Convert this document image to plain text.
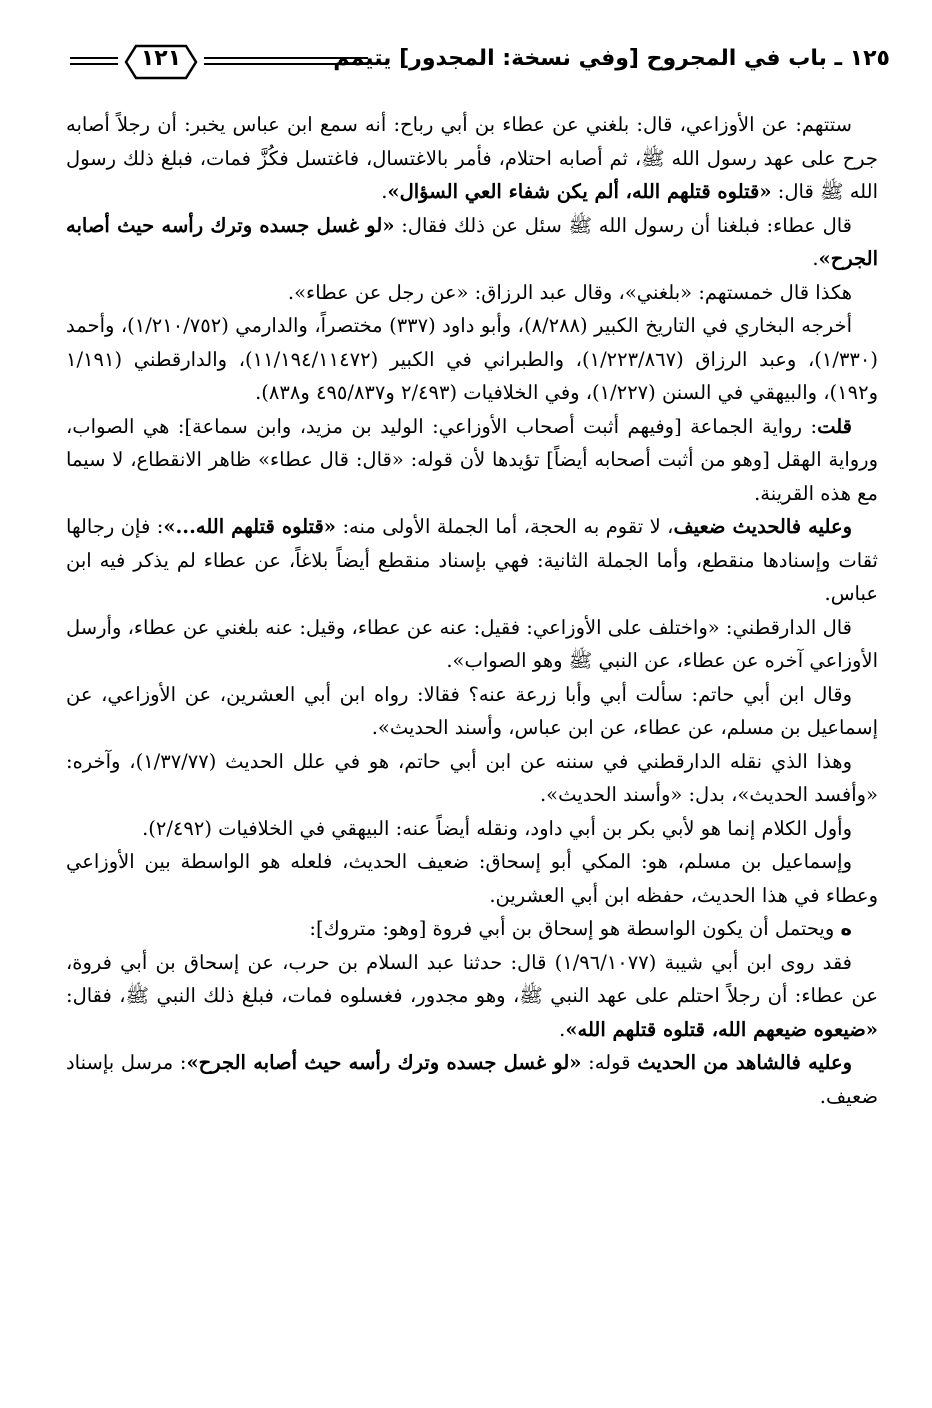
١٢٥ ـ باب في المجروح [وفي نسخة: المجدور] يتيمم
١٢١

ستتهم: عن الأوزاعي، قال: بلغني عن عطاء بن أبي رباح: أنه سمع ابن عباس يخبر: أن رجلاً أصابه جرح على عهد رسول الله ﷺ، ثم أصابه احتلام، فأمر بالاغتسال، فاغتسل فكُزَّ فمات، فبلغ ذلك رسول الله ﷺ قال: «قتلوه قتلهم الله، ألم يكن شفاء العي السؤال».

قال عطاء: فبلغنا أن رسول الله ﷺ سئل عن ذلك فقال: «لو غسل جسده وترك رأسه حيث أصابه الجرح».

هكذا قال خمستهم: «بلغني»، وقال عبد الرزاق: «عن رجل عن عطاء».

أخرجه البخاري في التاريخ الكبير (٨/٢٨٨)، وأبو داود (٣٣٧) مختصراً، والدارمي (١/٢١٠/٧٥٢)، وأحمد (١/٣٣٠)، وعبد الرزاق (١/٢٢٣/٨٦٧)، والطبراني في الكبير (١١/١٩٤/١١٤٧٢)، والدارقطني (١/١٩١ و١٩٢)، والبيهقي في السنن (١/٢٢٧)، وفي الخلافيات (٢/٤٩٣ و٤٩٥/٨٣٧ و٨٣٨).

قلت: رواية الجماعة [وفيهم أثبت أصحاب الأوزاعي: الوليد بن مزيد، وابن سماعة]: هي الصواب، ورواية الهقل [وهو من أثبت أصحابه أيضاً] تؤيدها لأن قوله: «قال: قال عطاء» ظاهر الانقطاع، لا سيما مع هذه القرينة.

وعليه فالحديث ضعيف، لا تقوم به الحجة، أما الجملة الأولى منه: «قتلوه قتلهم الله...»: فإن رجالها ثقات وإسنادها منقطع، وأما الجملة الثانية: فهي بإسناد منقطع أيضاً بلاغاً، عن عطاء لم يذكر فيه ابن عباس.

قال الدارقطني: «واختلف على الأوزاعي: فقيل: عنه عن عطاء، وقيل: عنه بلغني عن عطاء، وأرسل الأوزاعي آخره عن عطاء، عن النبي ﷺ وهو الصواب».

وقال ابن أبي حاتم: سألت أبي وأبا زرعة عنه؟ فقالا: رواه ابن أبي العشرين، عن الأوزاعي، عن إسماعيل بن مسلم، عن عطاء، عن ابن عباس، وأسند الحديث».

وهذا الذي نقله الدارقطني في سننه عن ابن أبي حاتم، هو في علل الحديث (١/٣٧/٧٧)، وآخره: «وأفسد الحديث»، بدل: «وأسند الحديث».

وأول الكلام إنما هو لأبي بكر بن أبي داود، ونقله أيضاً عنه: البيهقي في الخلافيات (٢/٤٩٢).

وإسماعيل بن مسلم، هو: المكي أبو إسحاق: ضعيف الحديث، فلعله هو الواسطة بين الأوزاعي وعطاء في هذا الحديث، حفظه ابن أبي العشرين.

ه ويحتمل أن يكون الواسطة هو إسحاق بن أبي فروة [وهو: متروك]:

فقد روى ابن أبي شيبة (١/٩٦/١٠٧٧) قال: حدثنا عبد السلام بن حرب، عن إسحاق بن أبي فروة، عن عطاء: أن رجلاً احتلم على عهد النبي ﷺ، وهو مجدور، فغسلوه فمات، فبلغ ذلك النبي ﷺ، فقال: «ضيعوه ضيعهم الله، قتلوه قتلهم الله».

وعليه فالشاهد من الحديث قوله: «لو غسل جسده وترك رأسه حيث أصابه الجرح»: مرسل بإسناد ضعيف.
